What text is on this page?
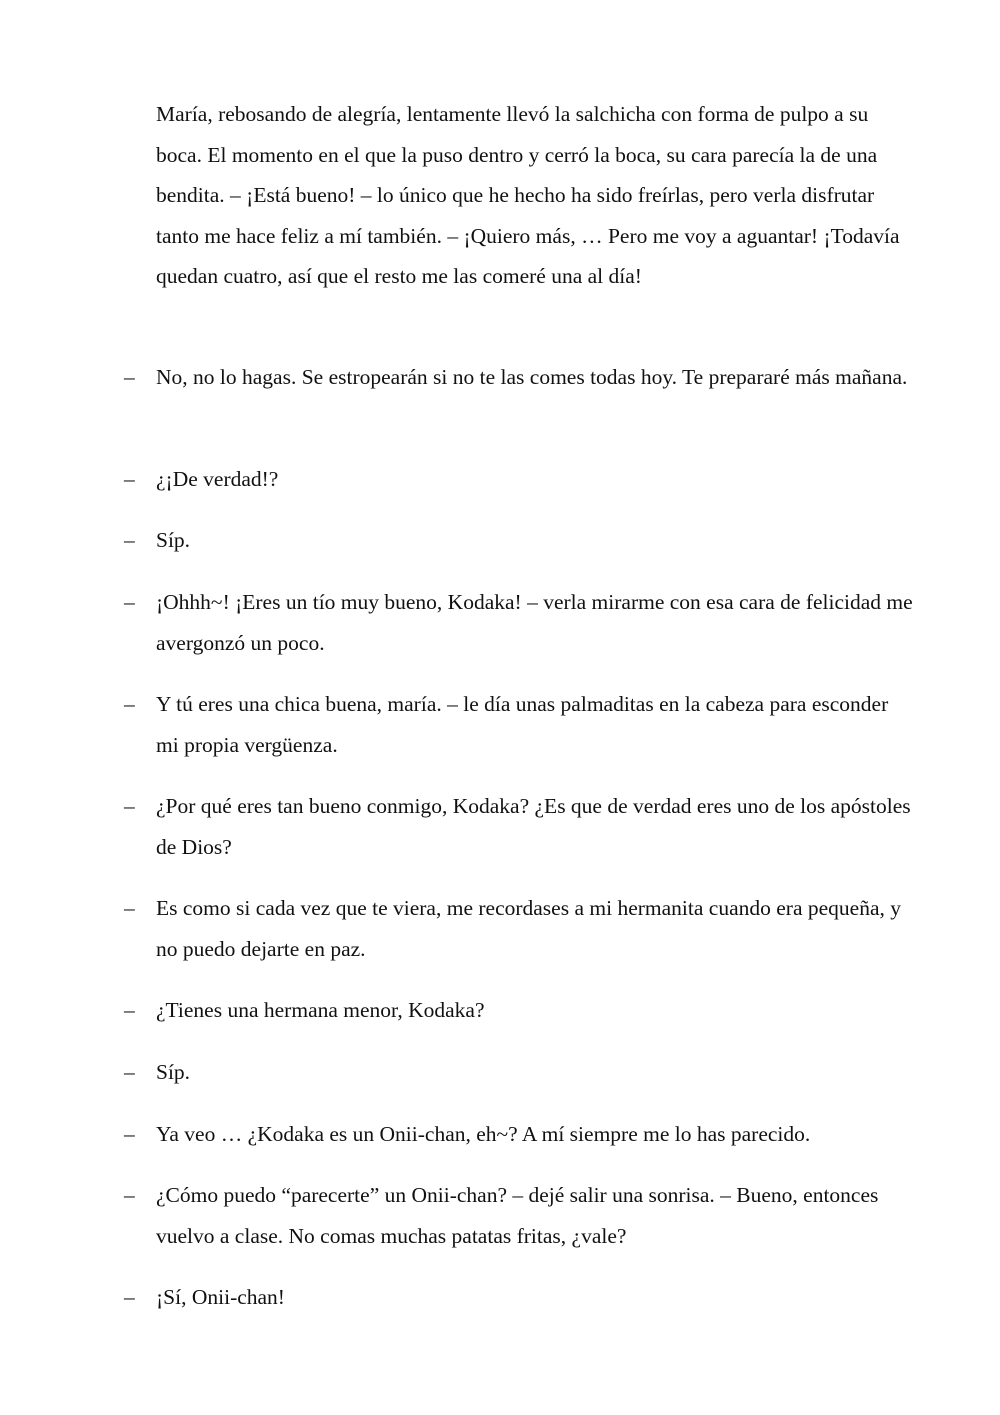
María, rebosando de alegría, lentamente llevó la salchicha con forma de pulpo a su boca. El momento en el que la puso dentro y cerró la boca, su cara parecía la de una bendita. – ¡Está bueno! – lo único que he hecho ha sido freírlas, pero verla disfrutar tanto me hace feliz a mí también. – ¡Quiero más, … Pero me voy a aguantar! ¡Todavía quedan cuatro, así que el resto me las comeré una al día!

– No, no lo hagas. Se estropearán si no te las comes todas hoy. Te prepararé más mañana.
– ¿¡De verdad!?
– Síp.
– ¡Ohhh~! ¡Eres un tío muy bueno, Kodaka! – verla mirarme con esa cara de felicidad me avergonzó un poco.
– Y tú eres una chica buena, maría. – le día unas palmaditas en la cabeza para esconder mi propia vergüenza.
– ¿Por qué eres tan bueno conmigo, Kodaka? ¿Es que de verdad eres uno de los apóstoles de Dios?
– Es como si cada vez que te viera, me recordases a mi hermanita cuando era pequeña, y no puedo dejarte en paz.
– ¿Tienes una hermana menor, Kodaka?
– Síp.
– Ya veo … ¿Kodaka es un Onii-chan, eh~? A mí siempre me lo has parecido.
– ¿Cómo puedo “parecerte” un Onii-chan? – dejé salir una sonrisa. – Bueno, entonces vuelvo a clase. No comas muchas patatas fritas, ¿vale?
– ¡Sí, Onii-chan!
